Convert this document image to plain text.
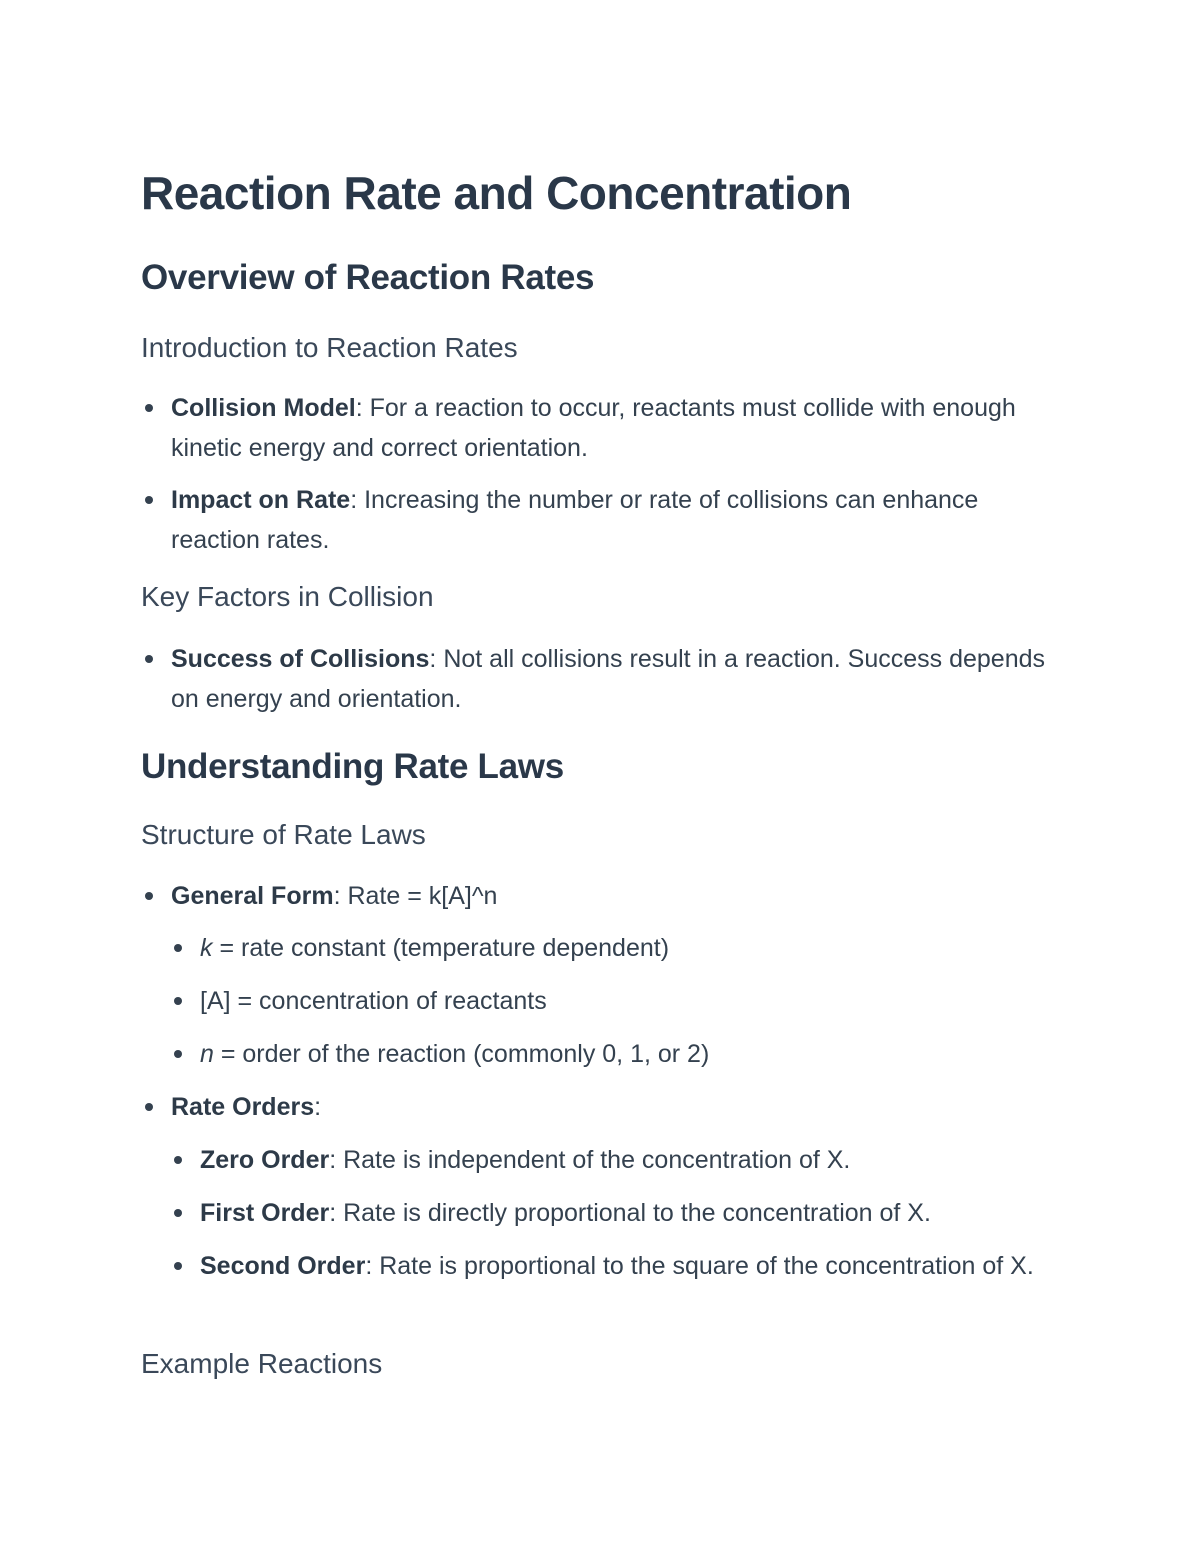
Reaction Rate and Concentration
Overview of Reaction Rates
Introduction to Reaction Rates
Collision Model: For a reaction to occur, reactants must collide with enough kinetic energy and correct orientation.
Impact on Rate: Increasing the number or rate of collisions can enhance reaction rates.
Key Factors in Collision
Success of Collisions: Not all collisions result in a reaction. Success depends on energy and orientation.
Understanding Rate Laws
Structure of Rate Laws
General Form: Rate = k[A]^n
k = rate constant (temperature dependent)
[A] = concentration of reactants
n = order of the reaction (commonly 0, 1, or 2)
Rate Orders:
Zero Order: Rate is independent of the concentration of X.
First Order: Rate is directly proportional to the concentration of X.
Second Order: Rate is proportional to the square of the concentration of X.
Example Reactions
